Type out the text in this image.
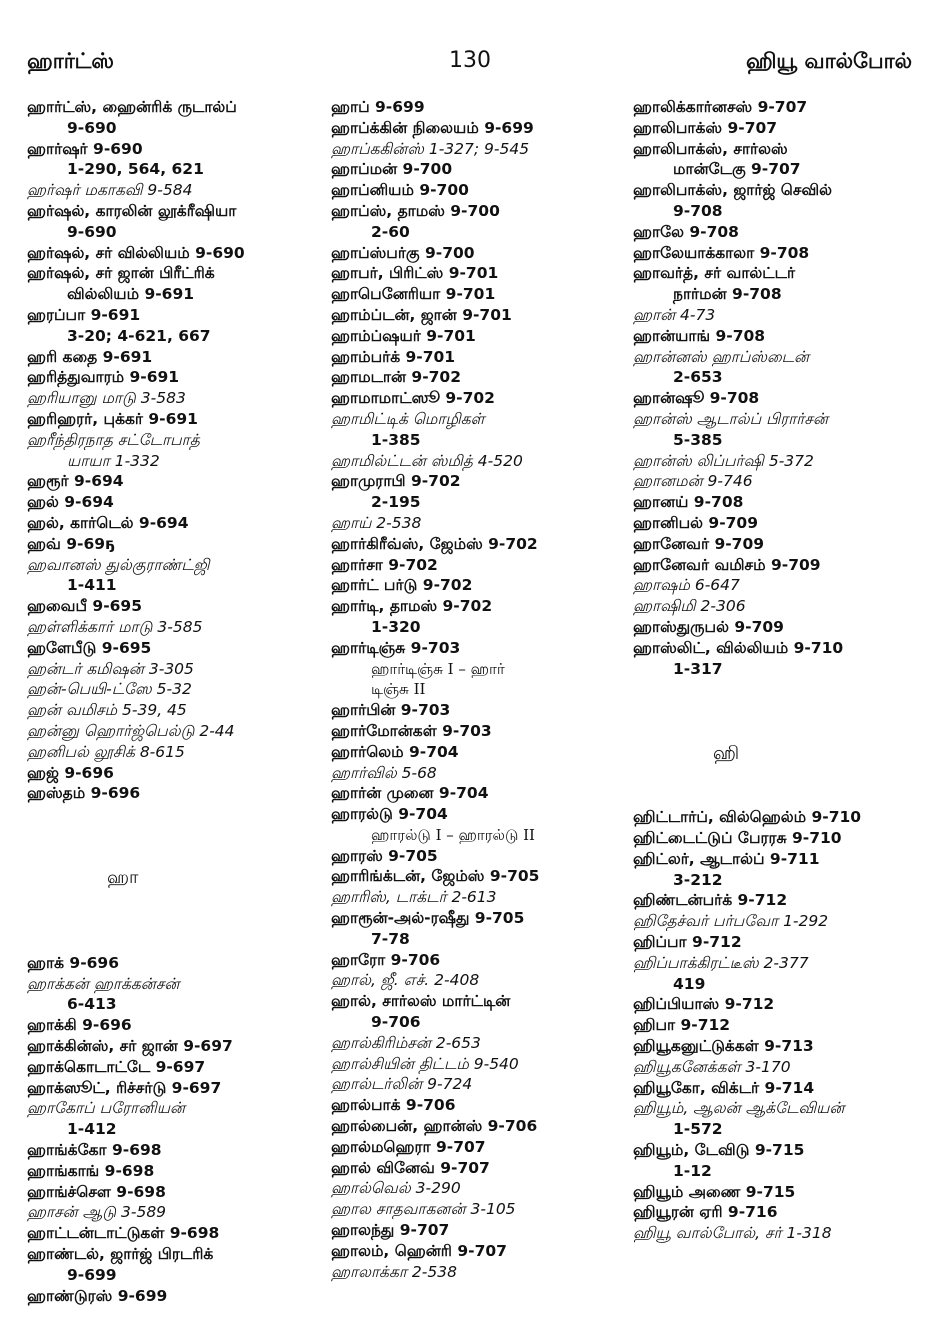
ஹார்ட்ஸ்	130	ஹியூ வால்போல்
ஹார்ட்ஸ், ஹைன்ரிக் ருடால்ப்
9-690
ஹார்ஷர் 9-690
1-290, 564, 621
ஹர்ஷர் மகாகவி 9-584
ஹர்ஷல், காரலின் லூக்ரீஷியா
9-690
ஹர்ஷல், சர் வில்லியம் 9-690
ஹர்ஷல், சர் ஜான் பிரீட்ரிக்
வில்லியம் 9-691
ஹரப்பா 9-691
3-20; 4-621, 667
ஹரி கதை 9-691
ஹரித்துவாரம் 9-691
ஹரியானு மாடு 3-583
ஹரிஹரர், புக்கர் 9-691
ஹரீந்திரநாத சட்டோபாத்
யாயா 1-332
ஹரூர் 9-694
ஹல் 9-694
ஹல், கார்டெல் 9-694
ஹவ் 9-69ҕ
ஹவானஸ் துல்குராண்ட்ஜி
1-411
ஹவைபீ 9-695
ஹள்ளிக்கார் மாடு 3-585
ஹளேபீடு 9-695
ஹன்டர் கமிஷன் 3-305
ஹன்-பெயி-ட்ஸே 5-32
ஹன் வமிசம் 5-39, 45
ஹன்னு ஹொர்ஜ்பெல்டு 2-44
ஹனிபல் லூசிக் 8-615
ஹஜ் 9-696
ஹஸ்தம் 9-696
ஹா
ஹாக் 9-696
ஹாக்கன் ஹாக்கன்சன்
6-413
ஹாக்கி 9-696
ஹாக்கின்ஸ், சர் ஜான் 9-697
ஹாக்கொடாட்டே 9-697
ஹாக்ஸூட், ரிச்சர்டு 9-697
ஹாகோப் பரோனியன்
1-412
ஹாங்க்கோ 9-698
ஹாங்காங் 9-698
ஹாங்ச்சௌ 9-698
ஹாசன் ஆடு 3-589
ஹாட்டன்டாட்டுகள் 9-698
ஹாண்டல், ஜார்ஜ் பிரடரிக்
9-699
ஹாண்டுரஸ் 9-699
ஹாப் 9-699
ஹாப்க்கின் நிலையம் 9-699
ஹாப்ககின்ஸ் 1-327; 9-545
ஹாப்மன் 9-700
ஹாப்னியம் 9-700
ஹாப்ஸ், தாமஸ் 9-700
2-60
ஹாப்ஸ்பர்கு 9-700
ஹாபர், பிரிட்ஸ் 9-701
ஹாபெனேரியா 9-701
ஹாம்ப்டன், ஜான் 9-701
ஹாம்ப்ஷயர் 9-701
ஹாம்பர்க் 9-701
ஹாமடான் 9-702
ஹாமாமாட்ஸூ 9-702
ஹாமிட்டிக் மொழிகள்
1-385
ஹாமில்ட்டன் ஸ்மித் 4-520
ஹாமுராபி 9-702
2-195
ஹாய் 2-538
ஹார்கிரீவ்ஸ், ஜேம்ஸ் 9-702
ஹார்சா 9-702
ஹார்ட் பர்டு 9-702
ஹார்டி, தாமஸ் 9-702
1-320
ஹார்டிஞ்சு 9-703
ஹார்டிஞ்சு I – ஹார்
டிஞ்சு II
ஹார்பின் 9-703
ஹார்மோன்கள் 9-703
ஹார்லெம் 9-704
ஹார்வில் 5-68
ஹார்ன் முனை 9-704
ஹாரல்டு 9-704
ஹாரல்டு I – ஹாரல்டு II
ஹாரஸ் 9-705
ஹாரிங்க்டன், ஜேம்ஸ் 9-705
ஹாரிஸ், டாக்டர் 2-613
ஹாரூன்-அல்-ரஷீது 9-705
7-78
ஹாரோ 9-706
ஹால், ஜீ. எச். 2-408
ஹால், சார்லஸ் மார்ட்டின்
9-706
ஹால்கிரிம்சன் 2-653
ஹால்சியின் திட்டம் 9-540
ஹால்டர்லின் 9-724
ஹால்பாக் 9-706
ஹால்பைன், ஹான்ஸ் 9-706
ஹால்மஹெரா 9-707
ஹால் வினேவ் 9-707
ஹால்வெல் 3-290
ஹால சாதவாகனன் 3-105
ஹாலந்து 9-707
ஹாலம், ஹென்ரி 9-707
ஹாலாக்கா 2-538
ஹாலிக்கார்னசஸ் 9-707
ஹாலிபாக்ஸ் 9-707
ஹாலிபாக்ஸ், சார்லஸ்
மான்டேகு 9-707
ஹாலிபாக்ஸ், ஜார்ஜ் செவில்
9-708
ஹாலே 9-708
ஹாலேயாக்காலா 9-708
ஹாவர்த், சர் வால்ட்டர்
நார்மன் 9-708
ஹான் 4-73
ஹான்யாங் 9-708
ஹான்னஸ் ஹாப்ஸ்டைன்
2-653
ஹான்ஷூ 9-708
ஹான்ஸ் ஆடால்ப் பிரார்சன்
5-385
ஹான்ஸ் லிப்பர்ஷி 5-372
ஹானமன் 9-746
ஹானய் 9-708
ஹானிபல் 9-709
ஹானேவர் 9-709
ஹானேவர் வமிசம் 9-709
ஹாஷம் 6-647
ஹாஷிமி 2-306
ஹாஸ்துருபல் 9-709
ஹாஸ்லிட், வில்லியம் 9-710
1-317
ஹி
ஹிட்டார்ப், வில்ஹெல்ம் 9-710
ஹிட்டைட்டுப் பேரரசு 9-710
ஹிட்லர், ஆடால்ப் 9-711
3-212
ஹிண்டன்பர்க் 9-712
ஹிதேச்வர் பர்பவோ 1-292
ஹிப்பா 9-712
ஹிப்பாக்கிரட்டீஸ் 2-377
419
ஹிப்பியாஸ் 9-712
ஹிபா 9-712
ஹியூகனுட்டுக்கள் 9-713
ஹியூகனேக்கள் 3-170
ஹியூகோ, விக்டர் 9-714
ஹியூம், ஆலன் ஆக்டேவியன்
1-572
ஹியூம், டேவிடு 9-715
1-12
ஹியூம் அணை 9-715
ஹியூரன் ஏரி 9-716
ஹியூ வால்போல், சர் 1-318
